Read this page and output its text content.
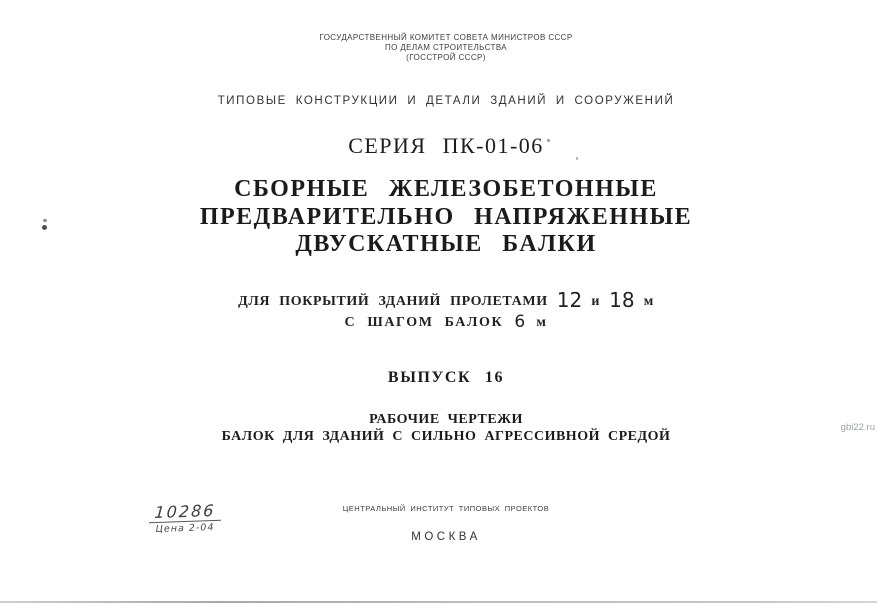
ГОСУДАРСТВЕННЫЙ КОМИТЕТ СОВЕТА МИНИСТРОВ СССР
ПО ДЕЛАМ СТРОИТЕЛЬСТВА
(ГОССТРОЙ СССР)
ТИПОВЫЕ КОНСТРУКЦИИ И ДЕТАЛИ ЗДАНИЙ И СООРУЖЕНИЙ
СЕРИЯ ПК-01-06
СБОРНЫЕ ЖЕЛЕЗОБЕТОННЫЕ
ПРЕДВАРИТЕЛЬНО НАПРЯЖЕННЫЕ
ДВУСКАТНЫЕ БАЛКИ
ДЛЯ ПОКРЫТИЙ ЗДАНИЙ ПРОЛЕТАМИ 12 и 18 м
С ШАГОМ БАЛОК 6 м
ВЫПУСК 16
РАБОЧИЕ ЧЕРТЕЖИ
БАЛОК ДЛЯ ЗДАНИЙ С СИЛЬНО АГРЕССИВНОЙ СРЕДОЙ
10286
Цена 2-04
ЦЕНТРАЛЬНЫЙ ИНСТИТУТ ТИПОВЫХ ПРОЕКТОВ
МОСКВА
gbi22.ru
